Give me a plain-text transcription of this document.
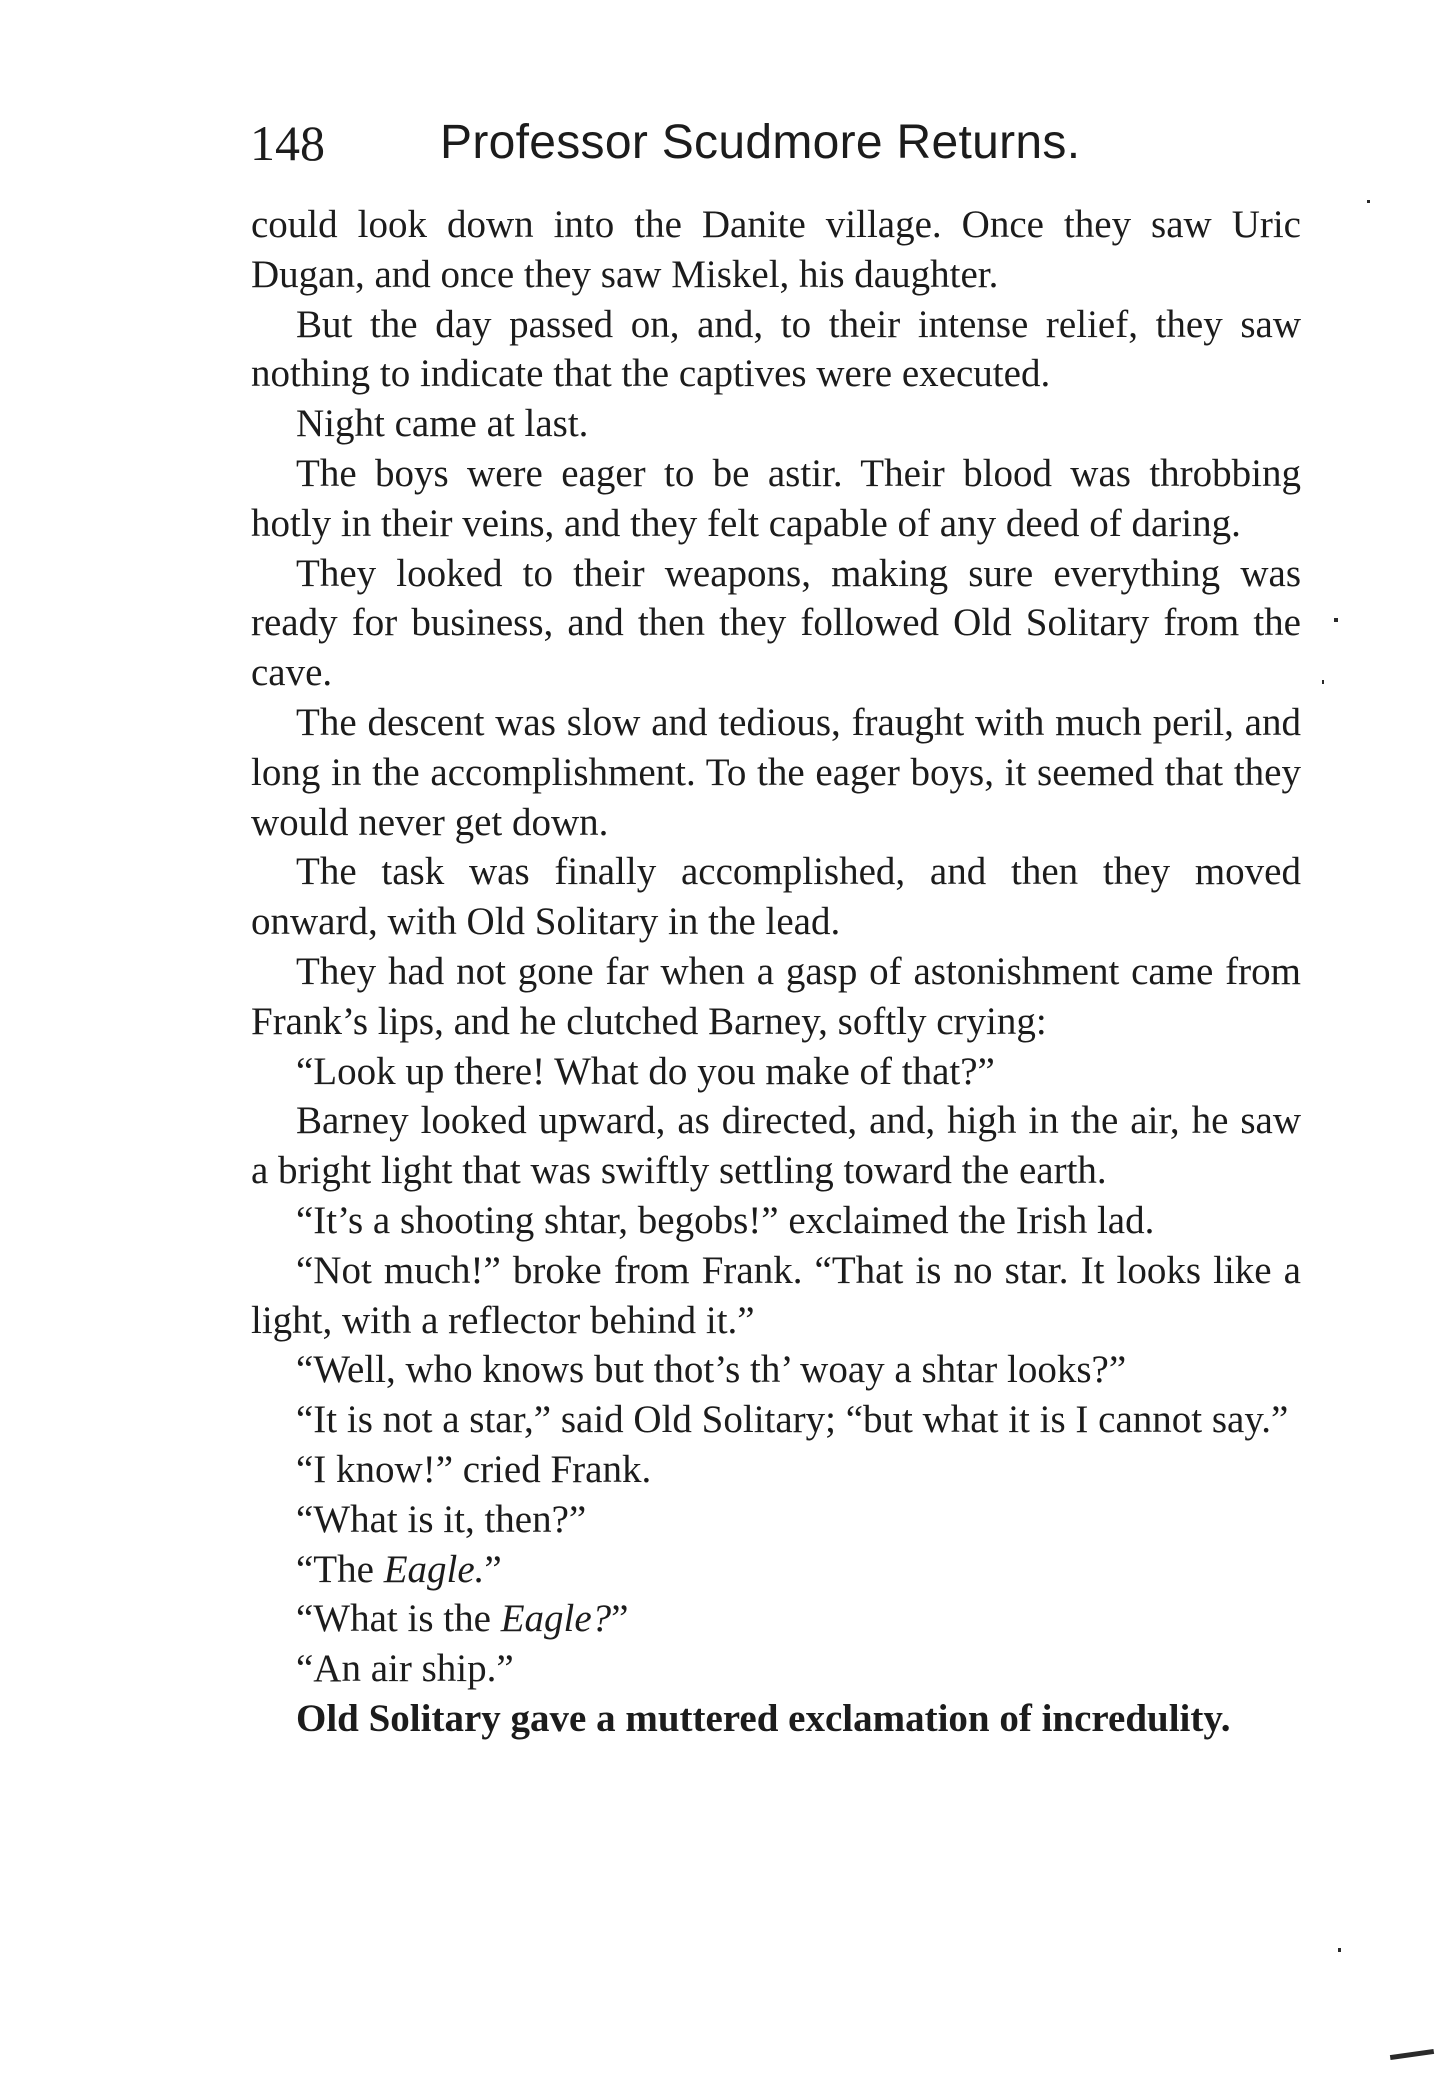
148 Professor Scudmore Returns.

could look down into the Danite village. Once they saw Uric Dugan, and once they saw Miskel, his daughter.

But the day passed on, and, to their intense relief, they saw nothing to indicate that the captives were executed.

Night came at last.

The boys were eager to be astir. Their blood was throbbing hotly in their veins, and they felt capable of any deed of daring.

They looked to their weapons, making sure everything was ready for business, and then they followed Old Solitary from the cave.

The descent was slow and tedious, fraught with much peril, and long in the accomplishment. To the eager boys, it seemed that they would never get down.

The task was finally accomplished, and then they moved onward, with Old Solitary in the lead.

They had not gone far when a gasp of astonishment came from Frank’s lips, and he clutched Barney, softly crying:

“Look up there! What do you make of that?”

Barney looked upward, as directed, and, high in the air, he saw a bright light that was swiftly settling toward the earth.

“It’s a shooting shtar, begobs!” exclaimed the Irish lad.

“Not much!” broke from Frank. “That is no star. It looks like a light, with a reflector behind it.”

“Well, who knows but thot’s th’ woay a shtar looks?”

“It is not a star,” said Old Solitary; “but what it is I cannot say.”

“I know!” cried Frank.

“What is it, then?”

“The Eagle.”

“What is the Eagle?”

“An air ship.”

Old Solitary gave a muttered exclamation of incredulity.
